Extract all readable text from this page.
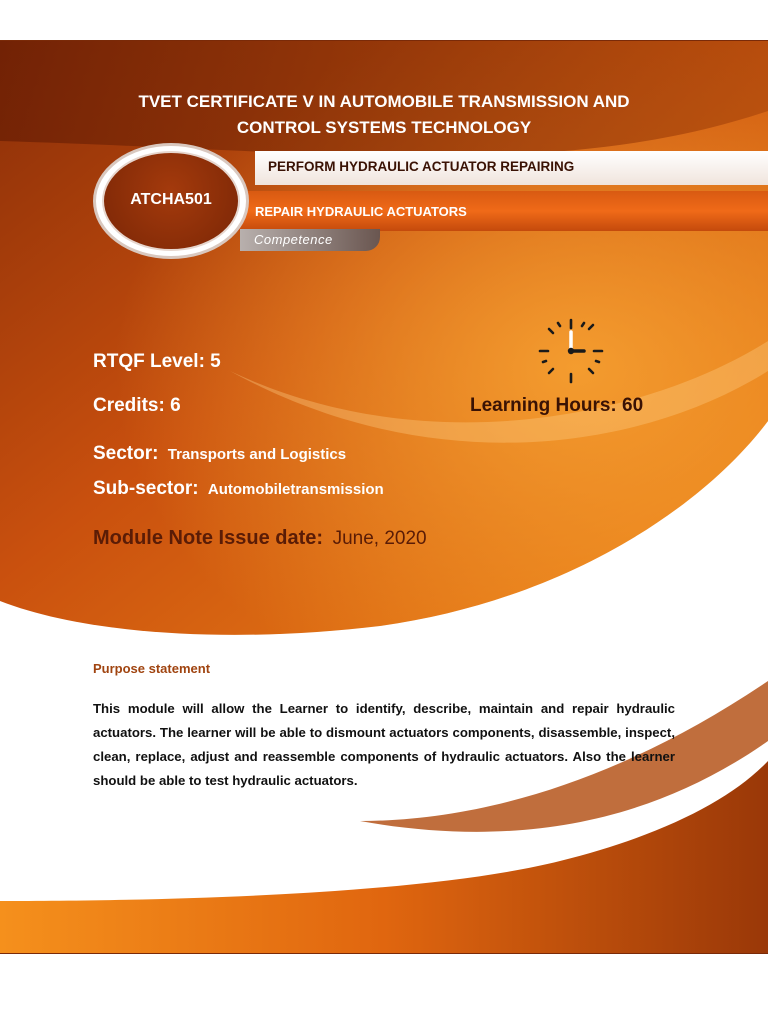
TVET CERTIFICATE V IN AUTOMOBILE TRANSMISSION AND
CONTROL SYSTEMS TECHNOLOGY
PERFORM HYDRAULIC ACTUATOR REPAIRING
REPAIR HYDRAULIC ACTUATORS
Competence
ATCHA501
RTQF Level: 5
Credits: 6	Learning Hours: 60
Sector: Transports and Logistics
Sub-sector: Automobiletransmission
Module Note Issue date: June, 2020
Purpose statement

This module will allow the Learner to identify, describe, maintain and repair hydraulic actuators. The learner will be able to dismount actuators components, disassemble, inspect, clean, replace, adjust and reassemble components of hydraulic actuators. Also the learner should be able to test hydraulic actuators.
